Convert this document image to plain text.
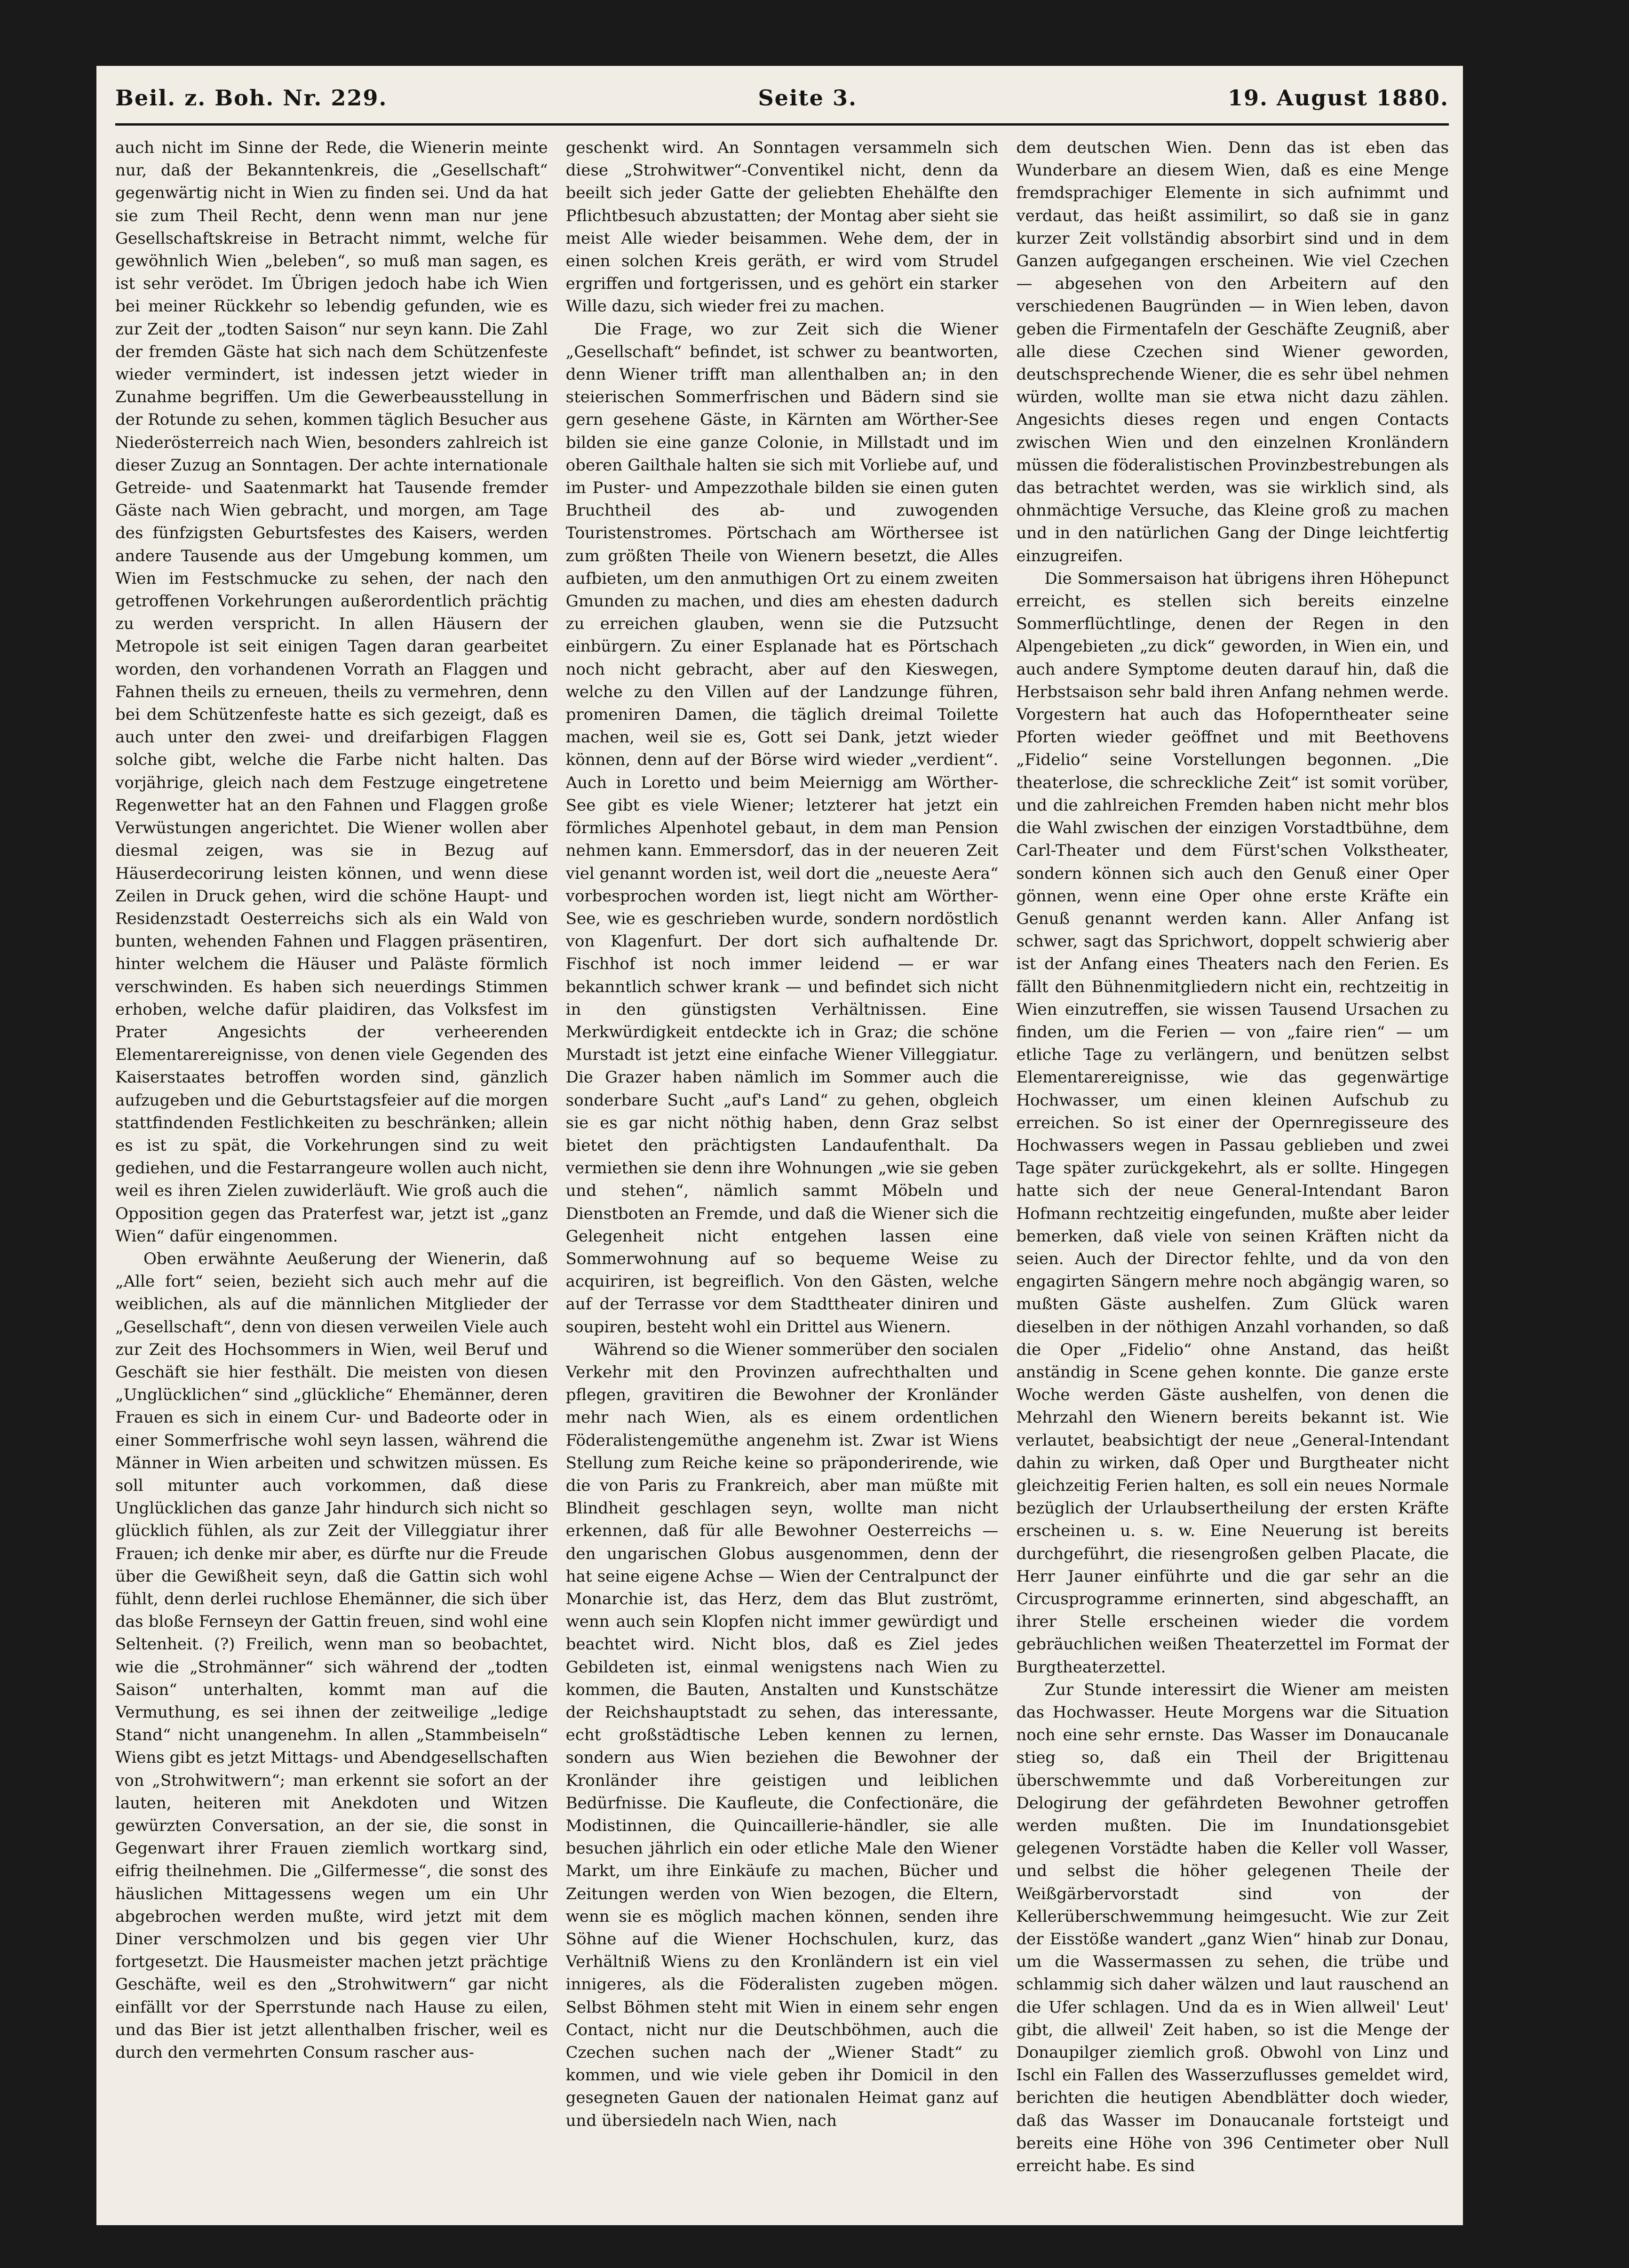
Beil. z. Boh. Nr. 229.	Seite 3.	19. August 1880.

auch nicht im Sinne der Rede, die Wienerin meinte nur, daß der Bekanntenkreis, die „Gesellschaft“ gegenwärtig nicht in Wien zu finden sei. Und da hat sie zum Theil Recht, denn wenn man nur jene Gesellschaftskreise in Betracht nimmt, welche für gewöhnlich Wien „beleben“, so muß man sagen, es ist sehr verödet. Im Übrigen jedoch habe ich Wien bei meiner Rückkehr so lebendig gefunden, wie es zur Zeit der „todten Saison“ nur seyn kann. Die Zahl der fremden Gäste hat sich nach dem Schützenfeste wieder vermindert, ist indessen jetzt wieder in Zunahme begriffen. Um die Gewerbeausstellung in der Rotunde zu sehen, kommen täglich Besucher aus Niederösterreich nach Wien, besonders zahlreich ist dieser Zuzug an Sonntagen. Der achte internationale Getreide- und Saatenmarkt hat Tausende fremder Gäste nach Wien gebracht, und morgen, am Tage des fünfzigsten Geburtsfestes des Kaisers, werden andere Tausende aus der Umgebung kommen, um Wien im Festschmucke zu sehen, der nach den getroffenen Vorkehrungen außerordentlich prächtig zu werden verspricht. In allen Häusern der Metropole ist seit einigen Tagen daran gearbeitet worden, den vorhandenen Vorrath an Flaggen und Fahnen theils zu erneuen, theils zu vermehren, denn bei dem Schützenfeste hatte es sich gezeigt, daß es auch unter den zwei- und dreifarbigen Flaggen solche gibt, welche die Farbe nicht halten. Das vorjährige, gleich nach dem Festzuge eingetretene Regenwetter hat an den Fahnen und Flaggen große Verwüstungen angerichtet. Die Wiener wollen aber diesmal zeigen, was sie in Bezug auf Häuserdecorirung leisten können, und wenn diese Zeilen in Druck gehen, wird die schöne Haupt- und Residenzstadt Oesterreichs sich als ein Wald von bunten, wehenden Fahnen und Flaggen präsentiren, hinter welchem die Häuser und Paläste förmlich verschwinden. Es haben sich neuerdings Stimmen erhoben, welche dafür plaidiren, das Volksfest im Prater Angesichts der verheerenden Elementarereignisse, von denen viele Gegenden des Kaiserstaates betroffen worden sind, gänzlich aufzugeben und die Geburtstagsfeier auf die morgen stattfindenden Festlichkeiten zu beschränken; allein es ist zu spät, die Vorkehrungen sind zu weit gediehen, und die Festarrangeure wollen auch nicht, weil es ihren Zielen zuwiderläuft. Wie groß auch die Opposition gegen das Praterfest war, jetzt ist „ganz Wien“ dafür eingenommen.

Oben erwähnte Aeußerung der Wienerin, daß „Alle fort“ seien, bezieht sich auch mehr auf die weiblichen, als auf die männlichen Mitglieder der „Gesellschaft“, denn von diesen verweilen Viele auch zur Zeit des Hochsommers in Wien, weil Beruf und Geschäft sie hier festhält. Die meisten von diesen „Unglücklichen“ sind „glückliche“ Ehemänner, deren Frauen es sich in einem Cur- und Badeorte oder in einer Sommerfrische wohl seyn lassen, während die Männer in Wien arbeiten und schwitzen müssen. Es soll mitunter auch vorkommen, daß diese Unglücklichen das ganze Jahr hindurch sich nicht so glücklich fühlen, als zur Zeit der Villeggiatur ihrer Frauen; ich denke mir aber, es dürfte nur die Freude über die Gewißheit seyn, daß die Gattin sich wohl fühlt, denn derlei ruchlose Ehemänner, die sich über das bloße Fernseyn der Gattin freuen, sind wohl eine Seltenheit. (?) Freilich, wenn man so beobachtet, wie die „Strohmänner“ sich während der „todten Saison“ unterhalten, kommt man auf die Vermuthung, es sei ihnen der zeitweilige „ledige Stand“ nicht unangenehm. In allen „Stammbeiseln“ Wiens gibt es jetzt Mittags- und Abendgesellschaften von „Strohwitwern“; man erkennt sie sofort an der lauten, heiteren mit Anekdoten und Witzen gewürzten Conversation, an der sie, die sonst in Gegenwart ihrer Frauen ziemlich wortkarg sind, eifrig theilnehmen. Die „Gilfermesse“, die sonst des häuslichen Mittagessens wegen um ein Uhr abgebrochen werden mußte, wird jetzt mit dem Diner verschmolzen und bis gegen vier Uhr fortgesetzt. Die Hausmeister machen jetzt prächtige Geschäfte, weil es den „Strohwitwern“ gar nicht einfällt vor der Sperrstunde nach Hause zu eilen, und das Bier ist jetzt allenthalben frischer, weil es durch den vermehrten Consum rascher aus-

geschenkt wird. An Sonntagen versammeln sich diese „Strohwitwer“-Conventikel nicht, denn da beeilt sich jeder Gatte der geliebten Ehehälfte den Pflichtbesuch abzustatten; der Montag aber sieht sie meist Alle wieder beisammen. Wehe dem, der in einen solchen Kreis geräth, er wird vom Strudel ergriffen und fortgerissen, und es gehört ein starker Wille dazu, sich wieder frei zu machen.

Die Frage, wo zur Zeit sich die Wiener „Gesellschaft“ befindet, ist schwer zu beantworten, denn Wiener trifft man allenthalben an; in den steierischen Sommerfrischen und Bädern sind sie gern gesehene Gäste, in Kärnten am Wörther-See bilden sie eine ganze Colonie, in Millstadt und im oberen Gailthale halten sie sich mit Vorliebe auf, und im Puster- und Ampezzothale bilden sie einen guten Bruchtheil des ab- und zuwogenden Touristenstromes. Pörtschach am Wörthersee ist zum größten Theile von Wienern besetzt, die Alles aufbieten, um den anmuthigen Ort zu einem zweiten Gmunden zu machen, und dies am ehesten dadurch zu erreichen glauben, wenn sie die Putzsucht einbürgern. Zu einer Esplanade hat es Pörtschach noch nicht gebracht, aber auf den Kieswegen, welche zu den Villen auf der Landzunge führen, promeniren Damen, die täglich dreimal Toilette machen, weil sie es, Gott sei Dank, jetzt wieder können, denn auf der Börse wird wieder „verdient“. Auch in Loretto und beim Meiernigg am Wörther-See gibt es viele Wiener; letzterer hat jetzt ein förmliches Alpenhotel gebaut, in dem man Pension nehmen kann. Emmersdorf, das in der neueren Zeit viel genannt worden ist, weil dort die „neueste Aera“ vorbesprochen worden ist, liegt nicht am Wörther-See, wie es geschrieben wurde, sondern nordöstlich von Klagenfurt. Der dort sich aufhaltende Dr. Fischhof ist noch immer leidend — er war bekanntlich schwer krank — und befindet sich nicht in den günstigsten Verhältnissen. Eine Merkwürdigkeit entdeckte ich in Graz; die schöne Murstadt ist jetzt eine einfache Wiener Villeggiatur. Die Grazer haben nämlich im Sommer auch die sonderbare Sucht „auf's Land“ zu gehen, obgleich sie es gar nicht nöthig haben, denn Graz selbst bietet den prächtigsten Landaufenthalt. Da vermiethen sie denn ihre Wohnungen „wie sie geben und stehen“, nämlich sammt Möbeln und Dienstboten an Fremde, und daß die Wiener sich die Gelegenheit nicht entgehen lassen eine Sommerwohnung auf so bequeme Weise zu acquiriren, ist begreiflich. Von den Gästen, welche auf der Terrasse vor dem Stadttheater diniren und soupiren, besteht wohl ein Drittel aus Wienern.

Während so die Wiener sommerüber den socialen Verkehr mit den Provinzen aufrechthalten und pflegen, gravitiren die Bewohner der Kronländer mehr nach Wien, als es einem ordentlichen Föderalistengemüthe angenehm ist. Zwar ist Wiens Stellung zum Reiche keine so präponderirende, wie die von Paris zu Frankreich, aber man müßte mit Blindheit geschlagen seyn, wollte man nicht erkennen, daß für alle Bewohner Oesterreichs — den ungarischen Globus ausgenommen, denn der hat seine eigene Achse — Wien der Centralpunct der Monarchie ist, das Herz, dem das Blut zuströmt, wenn auch sein Klopfen nicht immer gewürdigt und beachtet wird. Nicht blos, daß es Ziel jedes Gebildeten ist, einmal wenigstens nach Wien zu kommen, die Bauten, Anstalten und Kunstschätze der Reichshauptstadt zu sehen, das interessante, echt großstädtische Leben kennen zu lernen, sondern aus Wien beziehen die Bewohner der Kronländer ihre geistigen und leiblichen Bedürfnisse. Die Kaufleute, die Confectionäre, die Modistinnen, die Quincaillerie-händler, sie alle besuchen jährlich ein oder etliche Male den Wiener Markt, um ihre Einkäufe zu machen, Bücher und Zeitungen werden von Wien bezogen, die Eltern, wenn sie es möglich machen können, senden ihre Söhne auf die Wiener Hochschulen, kurz, das Verhältniß Wiens zu den Kronländern ist ein viel innigeres, als die Föderalisten zugeben mögen. Selbst Böhmen steht mit Wien in einem sehr engen Contact, nicht nur die Deutschböhmen, auch die Czechen suchen nach der „Wiener Stadt“ zu kommen, und wie viele geben ihr Domicil in den gesegneten Gauen der nationalen Heimat ganz auf und übersiedeln nach Wien, nach

dem deutschen Wien. Denn das ist eben das Wunderbare an diesem Wien, daß es eine Menge fremdsprachiger Elemente in sich aufnimmt und verdaut, das heißt assimilirt, so daß sie in ganz kurzer Zeit vollständig absorbirt sind und in dem Ganzen aufgegangen erscheinen. Wie viel Czechen — abgesehen von den Arbeitern auf den verschiedenen Baugründen — in Wien leben, davon geben die Firmentafeln der Geschäfte Zeugniß, aber alle diese Czechen sind Wiener geworden, deutschsprechende Wiener, die es sehr übel nehmen würden, wollte man sie etwa nicht dazu zählen. Angesichts dieses regen und engen Contacts zwischen Wien und den einzelnen Kronländern müssen die föderalistischen Provinzbestrebungen als das betrachtet werden, was sie wirklich sind, als ohnmächtige Versuche, das Kleine groß zu machen und in den natürlichen Gang der Dinge leichtfertig einzugreifen.

Die Sommersaison hat übrigens ihren Höhepunct erreicht, es stellen sich bereits einzelne Sommerflüchtlinge, denen der Regen in den Alpengebieten „zu dick“ geworden, in Wien ein, und auch andere Symptome deuten darauf hin, daß die Herbstsaison sehr bald ihren Anfang nehmen werde. Vorgestern hat auch das Hofoperntheater seine Pforten wieder geöffnet und mit Beethovens „Fidelio“ seine Vorstellungen begonnen. „Die theaterlose, die schreckliche Zeit“ ist somit vorüber, und die zahlreichen Fremden haben nicht mehr blos die Wahl zwischen der einzigen Vorstadtbühne, dem Carl-Theater und dem Fürst'schen Volkstheater, sondern können sich auch den Genuß einer Oper gönnen, wenn eine Oper ohne erste Kräfte ein Genuß genannt werden kann. Aller Anfang ist schwer, sagt das Sprichwort, doppelt schwierig aber ist der Anfang eines Theaters nach den Ferien. Es fällt den Bühnenmitgliedern nicht ein, rechtzeitig in Wien einzutreffen, sie wissen Tausend Ursachen zu finden, um die Ferien — von „faire rien“ — um etliche Tage zu verlängern, und benützen selbst Elementarereignisse, wie das gegenwärtige Hochwasser, um einen kleinen Aufschub zu erreichen. So ist einer der Opernregisseure des Hochwassers wegen in Passau geblieben und zwei Tage später zurückgekehrt, als er sollte. Hingegen hatte sich der neue General-Intendant Baron Hofmann rechtzeitig eingefunden, mußte aber leider bemerken, daß viele von seinen Kräften nicht da seien. Auch der Director fehlte, und da von den engagirten Sängern mehre noch abgängig waren, so mußten Gäste aushelfen. Zum Glück waren dieselben in der nöthigen Anzahl vorhanden, so daß die Oper „Fidelio“ ohne Anstand, das heißt anständig in Scene gehen konnte. Die ganze erste Woche werden Gäste aushelfen, von denen die Mehrzahl den Wienern bereits bekannt ist. Wie verlautet, beabsichtigt der neue „General-Intendant dahin zu wirken, daß Oper und Burgtheater nicht gleichzeitig Ferien halten, es soll ein neues Normale bezüglich der Urlaubsertheilung der ersten Kräfte erscheinen u. s. w. Eine Neuerung ist bereits durchgeführt, die riesengroßen gelben Placate, die Herr Jauner einführte und die gar sehr an die Circusprogramme erinnerten, sind abgeschafft, an ihrer Stelle erscheinen wieder die vordem gebräuchlichen weißen Theaterzettel im Format der Burgtheaterzettel.

Zur Stunde interessirt die Wiener am meisten das Hochwasser. Heute Morgens war die Situation noch eine sehr ernste. Das Wasser im Donaucanale stieg so, daß ein Theil der Brigittenau überschwemmte und daß Vorbereitungen zur Delogirung der gefährdeten Bewohner getroffen werden mußten. Die im Inundationsgebiet gelegenen Vorstädte haben die Keller voll Wasser, und selbst die höher gelegenen Theile der Weißgärbervorstadt sind von der Kellerüberschwemmung heimgesucht. Wie zur Zeit der Eisstöße wandert „ganz Wien“ hinab zur Donau, um die Wassermassen zu sehen, die trübe und schlammig sich daher wälzen und laut rauschend an die Ufer schlagen. Und da es in Wien allweil' Leut' gibt, die allweil' Zeit haben, so ist die Menge der Donaupilger ziemlich groß. Obwohl von Linz und Ischl ein Fallen des Wasserzuflusses gemeldet wird, berichten die heutigen Abendblätter doch wieder, daß das Wasser im Donaucanale fortsteigt und bereits eine Höhe von 396 Centimeter ober Null erreicht habe. Es sind
